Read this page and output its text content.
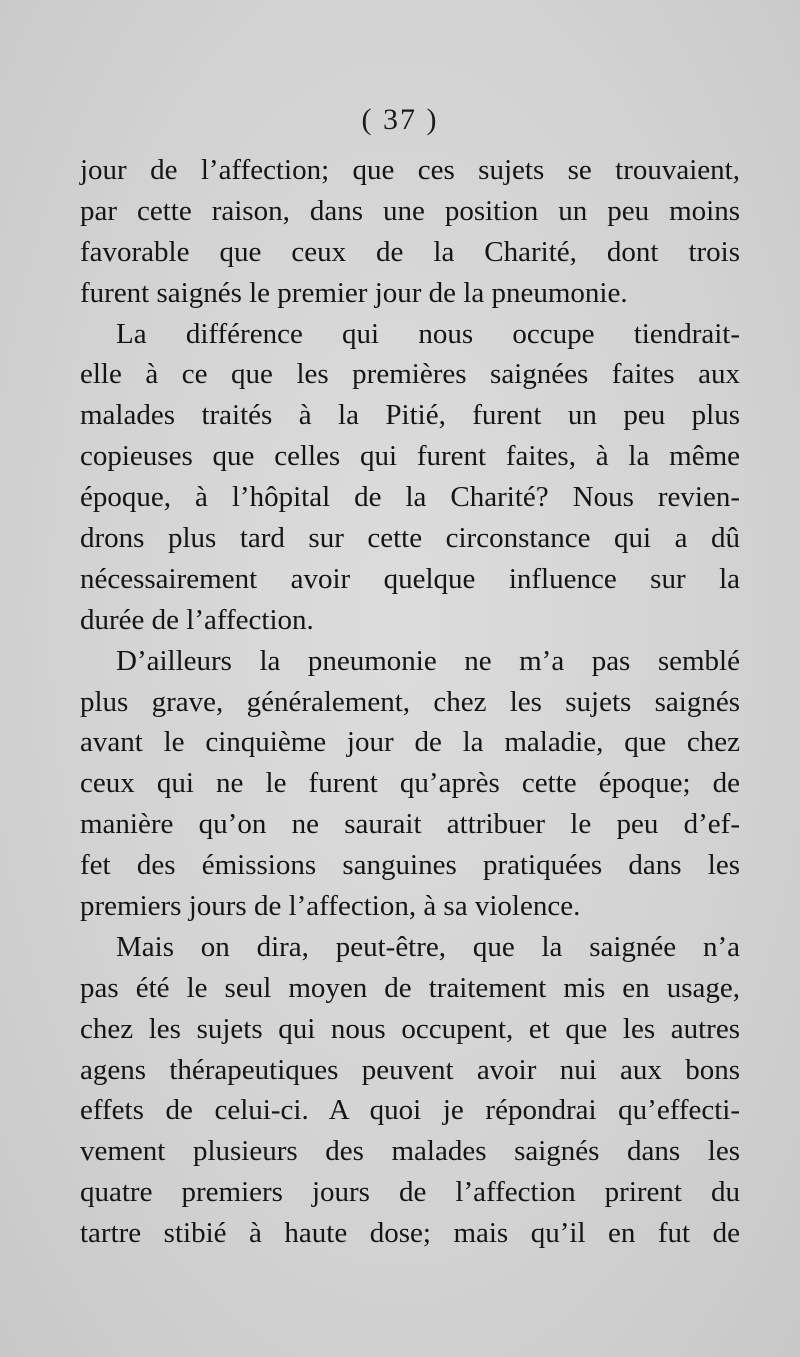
( 37 )
jour de l’affection; que ces sujets se trouvaient,
par cette raison, dans une position un peu moins
favorable que ceux de la Charité, dont trois
furent saignés le premier jour de la pneumonie.
La différence qui nous occupe tiendrait-
elle à ce que les premières saignées faites aux
malades traités à la Pitié, furent un peu plus
copieuses que celles qui furent faites, à la même
époque, à l’hôpital de la Charité? Nous revien-
drons plus tard sur cette circonstance qui a dû
nécessairement avoir quelque influence sur la
durée de l’affection.
D’ailleurs la pneumonie ne m’a pas semblé
plus grave, généralement, chez les sujets saignés
avant le cinquième jour de la maladie, que chez
ceux qui ne le furent qu’après cette époque; de
manière qu’on ne saurait attribuer le peu d’ef-
fet des émissions sanguines pratiquées dans les
premiers jours de l’affection, à sa violence.
Mais on dira, peut-être, que la saignée n’a
pas été le seul moyen de traitement mis en usage,
chez les sujets qui nous occupent, et que les autres
agens thérapeutiques peuvent avoir nui aux bons
effets de celui-ci. A quoi je répondrai qu’effecti-
vement plusieurs des malades saignés dans les
quatre premiers jours de l’affection prirent du
tartre stibié à haute dose; mais qu’il en fut de
